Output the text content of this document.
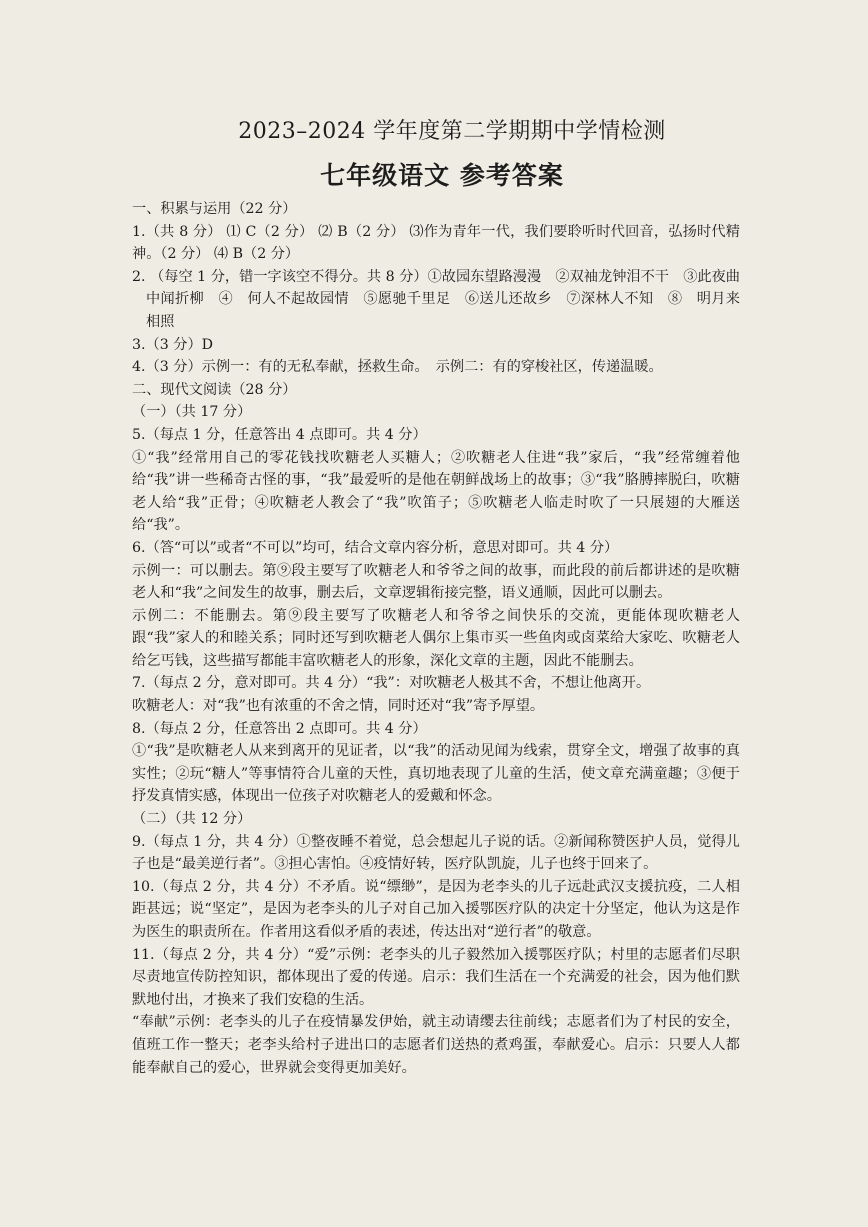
2023–2024 学年度第二学期期中学情检测
七年级语文 参考答案

一、积累与运用（22 分）

1.（共 8 分） ⑴ C（2 分） ⑵ B（2 分） ⑶作为青年一代，我们要聆听时代回音，弘扬时代精神。（2 分） ⑷ B（2 分）

2. （每空 1 分，错一字该空不得分。共 8 分）①故园东望路漫漫　②双袖龙钟泪不干　③此夜曲中闻折柳　④　何人不起故园情　⑤愿驰千里足　⑥送儿还故乡　⑦深林人不知　⑧　明月来相照

3.（3 分）D

4.（3 分）示例一：有的无私奉献，拯救生命。　示例二：有的穿梭社区，传递温暖。

二、现代文阅读（28 分）

（一）（共 17 分）

5.（每点 1 分，任意答出 4 点即可。共 4 分）

①“我”经常用自己的零花钱找吹糖老人买糖人；②吹糖老人住进“我”家后，“我”经常缠着他给“我”讲一些稀奇古怪的事，“我”最爱听的是他在朝鲜战场上的故事；③“我”胳膊摔脱臼，吹糖老人给“我”正骨；④吹糖老人教会了“我”吹笛子；⑤吹糖老人临走时吹了一只展翅的大雁送给“我”。

6.（答“可以”或者“不可以”均可，结合文章内容分析，意思对即可。共 4 分）

示例一：可以删去。第⑨段主要写了吹糖老人和爷爷之间的故事，而此段的前后都讲述的是吹糖老人和“我”之间发生的故事，删去后，文章逻辑衔接完整，语义通顺，因此可以删去。

示例二：不能删去。第⑨段主要写了吹糖老人和爷爷之间快乐的交流，更能体现吹糖老人跟“我”家人的和睦关系；同时还写到吹糖老人偶尔上集市买一些鱼肉或卤菜给大家吃、吹糖老人给乞丐钱，这些描写都能丰富吹糖老人的形象，深化文章的主题，因此不能删去。

7.（每点 2 分，意对即可。共 4 分）“我”：对吹糖老人极其不舍，不想让他离开。

吹糖老人：对“我”也有浓重的不舍之情，同时还对“我”寄予厚望。

8.（每点 2 分，任意答出 2 点即可。共 4 分）

①“我”是吹糖老人从来到离开的见证者，以“我”的活动见闻为线索，贯穿全文，增强了故事的真实性；②玩“糖人”等事情符合儿童的天性，真切地表现了儿童的生活，使文章充满童趣；③便于抒发真情实感，体现出一位孩子对吹糖老人的爱戴和怀念。

（二）（共 12 分）

9.（每点 1 分，共 4 分）①整夜睡不着觉，总会想起儿子说的话。②新闻称赞医护人员，觉得儿子也是“最美逆行者”。③担心害怕。④疫情好转，医疗队凯旋，儿子也终于回来了。

10.（每点 2 分，共 4 分）不矛盾。说“缥缈”，是因为老李头的儿子远赴武汉支援抗疫，二人相距甚远；说“坚定”，是因为老李头的儿子对自己加入援鄂医疗队的决定十分坚定，他认为这是作为医生的职责所在。作者用这看似矛盾的表述，传达出对“逆行者”的敬意。

11.（每点 2 分，共 4 分）“爱”示例：老李头的儿子毅然加入援鄂医疗队；村里的志愿者们尽职尽责地宣传防控知识，都体现出了爱的传递。启示：我们生活在一个充满爱的社会，因为他们默默地付出，才换来了我们安稳的生活。

“奉献”示例：老李头的儿子在疫情暴发伊始，就主动请缨去往前线；志愿者们为了村民的安全，值班工作一整天；老李头给村子进出口的志愿者们送热的煮鸡蛋，奉献爱心。启示：只要人人都能奉献自己的爱心，世界就会变得更加美好。
